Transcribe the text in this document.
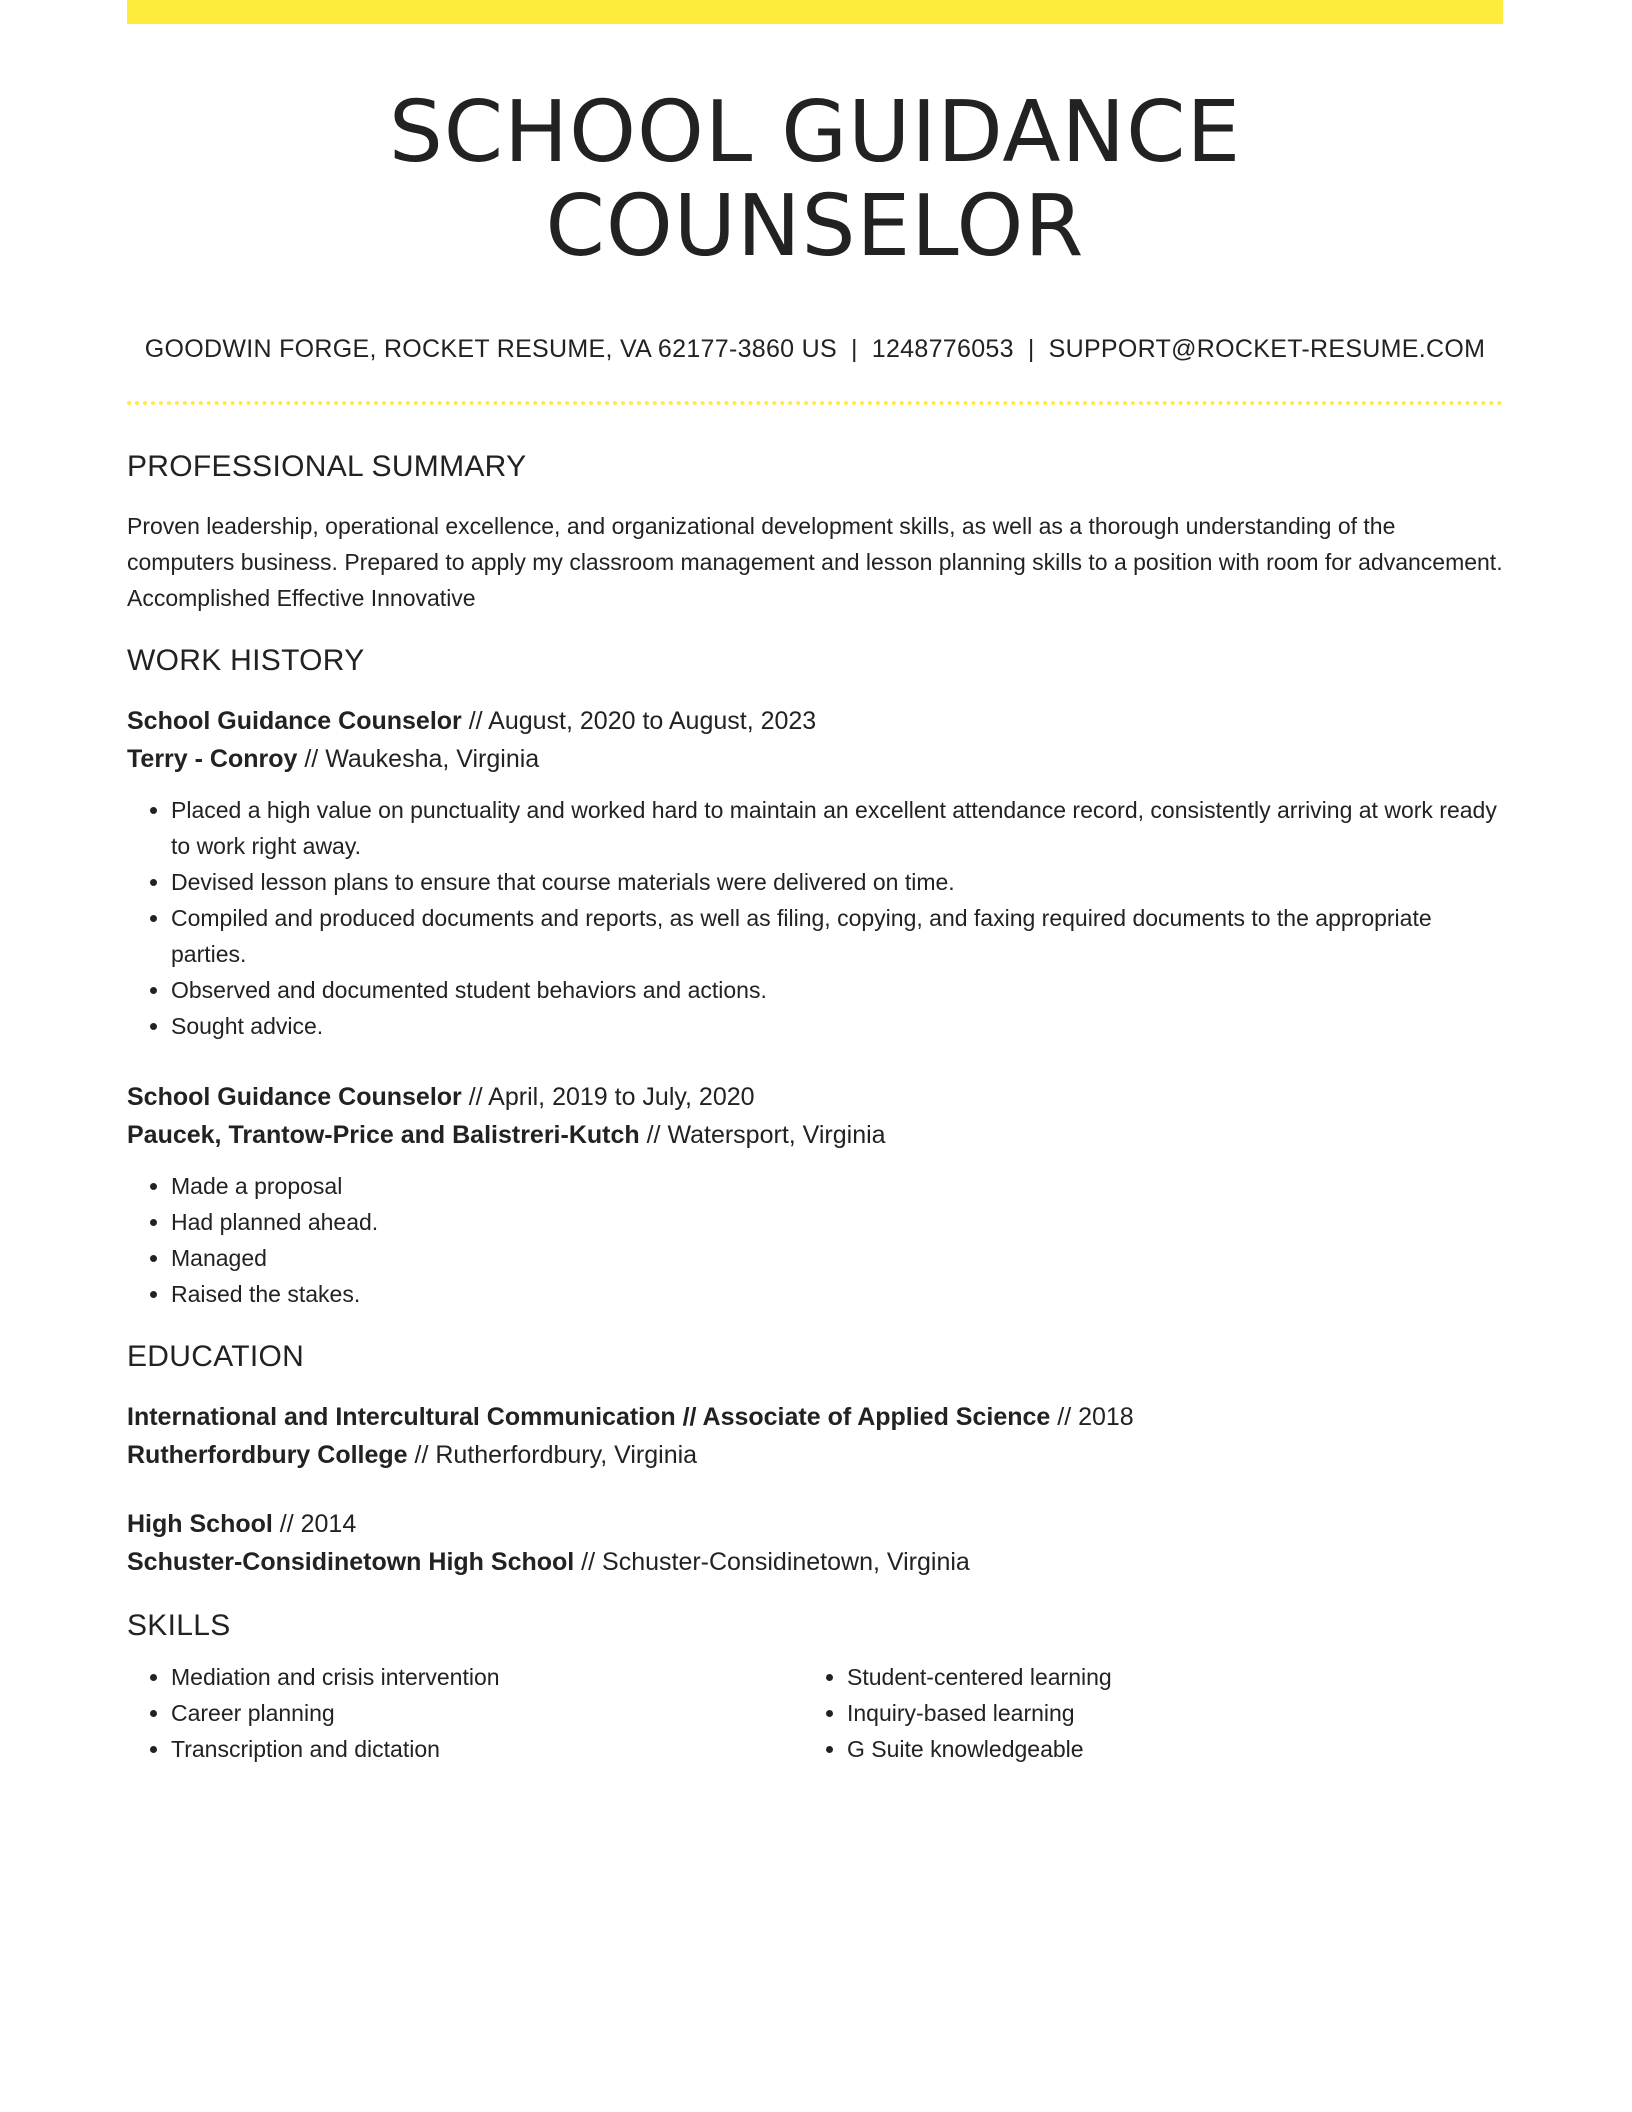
SCHOOL GUIDANCE COUNSELOR
GOODWIN FORGE, ROCKET RESUME, VA 62177-3860 US | 1248776053 | SUPPORT@ROCKET-RESUME.COM
PROFESSIONAL SUMMARY
Proven leadership, operational excellence, and organizational development skills, as well as a thorough understanding of the computers business. Prepared to apply my classroom management and lesson planning skills to a position with room for advancement. Accomplished Effective Innovative
WORK HISTORY
School Guidance Counselor // August, 2020 to August, 2023
Terry - Conroy // Waukesha, Virginia
• Placed a high value on punctuality and worked hard to maintain an excellent attendance record, consistently arriving at work ready to work right away.
• Devised lesson plans to ensure that course materials were delivered on time.
• Compiled and produced documents and reports, as well as filing, copying, and faxing required documents to the appropriate parties.
• Observed and documented student behaviors and actions.
• Sought advice.
School Guidance Counselor // April, 2019 to July, 2020
Paucek, Trantow-Price and Balistreri-Kutch // Watersport, Virginia
• Made a proposal
• Had planned ahead.
• Managed
• Raised the stakes.
EDUCATION
International and Intercultural Communication // Associate of Applied Science // 2018
Rutherfordbury College // Rutherfordbury, Virginia
High School // 2014
Schuster-Considinetown High School // Schuster-Considinetown, Virginia
SKILLS
• Mediation and crisis intervention
• Career planning
• Transcription and dictation
• Student-centered learning
• Inquiry-based learning
• G Suite knowledgeable
